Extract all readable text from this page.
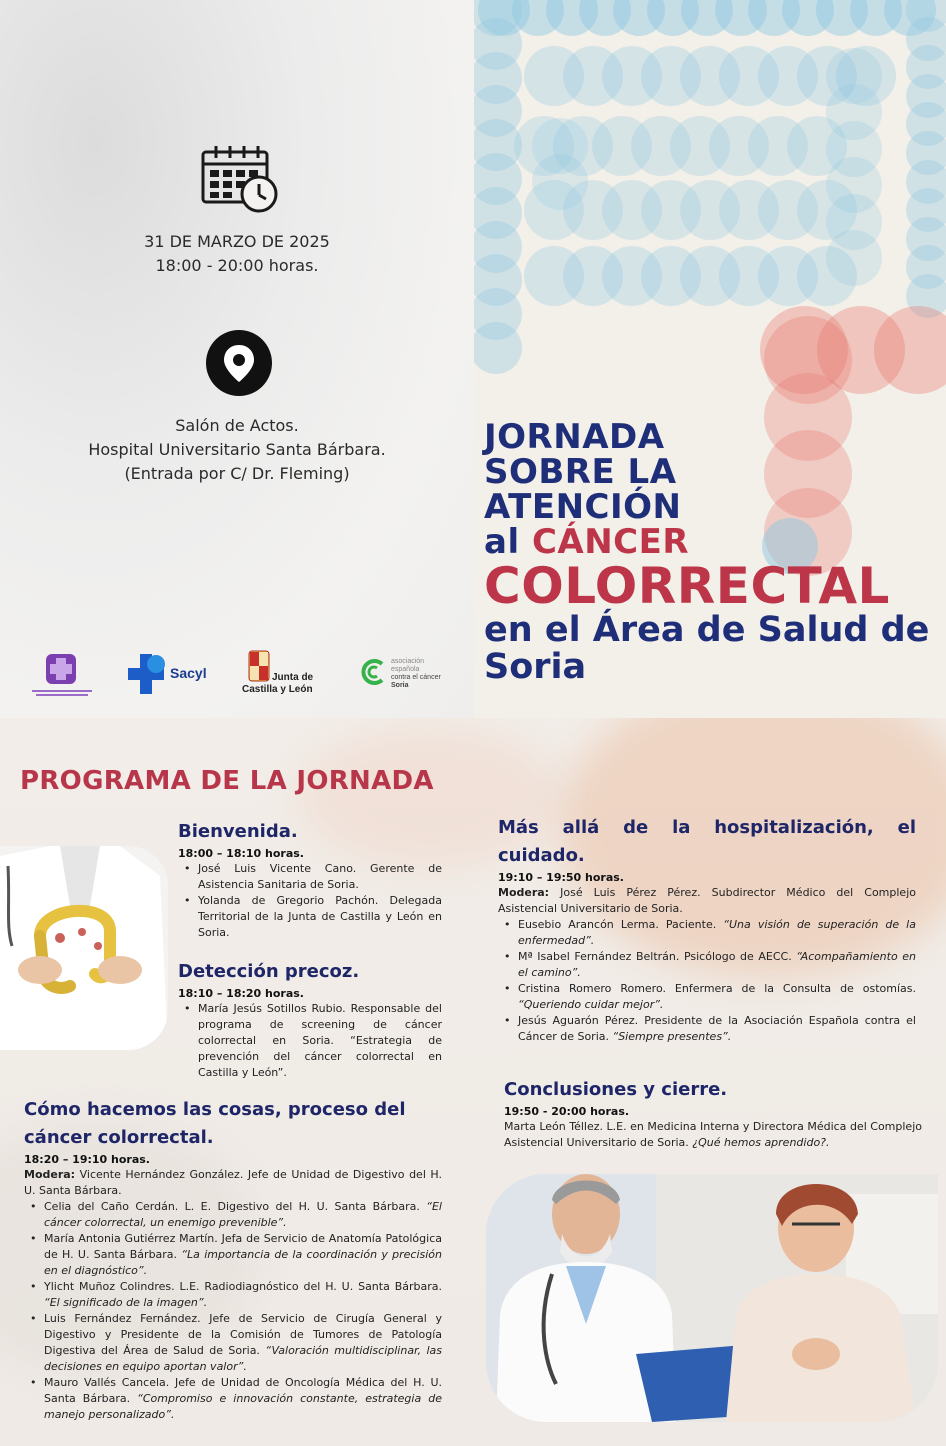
31 DE MARZO DE 2025
18:00 - 20:00 horas.
Salón de Actos.
Hospital Universitario Santa Bárbara.
(Entrada por C/ Dr. Fleming)
Sacyl	Junta de
Castilla y León
asociación
española
contra el cáncer
Soria
JORNADA
SOBRE LA
ATENCIÓN
al CÁNCER
COLORRECTAL
en el Área de Salud de
Soria
PROGRAMA DE LA JORNADA
Bienvenida.
18:00 – 18:10 horas.
• José Luis Vicente Cano. Gerente de Asistencia Sanitaria de Soria.
• Yolanda de Gregorio Pachón. Delegada Territorial de la Junta de Castilla y León en Soria.
Detección precoz.
18:10 – 18:20 horas.
• María Jesús Sotillos Rubio. Responsable del programa de screening de cáncer colorrectal en Soria. “Estrategia de prevención del cáncer colorrectal en Castilla y León”.
Cómo hacemos las cosas, proceso del cáncer colorrectal.
18:20 – 19:10 horas.

Modera: Vicente Hernández González. Jefe de Unidad de Digestivo del H. U. Santa Bárbara.

• Celia del Caño Cerdán. L. E. Digestivo del H. U. Santa Bárbara. “El cáncer colorrectal, un enemigo prevenible”.
• María Antonia Gutiérrez Martín. Jefa de Servicio de Anatomía Patológica de H. U. Santa Bárbara. “La importancia de la coordinación y precisión en el diagnóstico”.
• Ylicht Muñoz Colindres. L.E. Radiodiagnóstico del H. U. Santa Bárbara. “El significado de la imagen”.
• Luis Fernández Fernández. Jefe de Servicio de Cirugía General y Digestivo y Presidente de la Comisión de Tumores de Patología Digestiva del Área de Salud de Soria. “Valoración multidisciplinar, las decisiones en equipo aportan valor”.
• Mauro Vallés Cancela. Jefe de Unidad de Oncología Médica del H. U. Santa Bárbara. “Compromiso e innovación constante, estrategia de manejo personalizado”.
Más allá de la hospitalización, el cuidado.
19:10 – 19:50 horas.

Modera: José Luis Pérez Pérez. Subdirector Médico del Complejo Asistencial Universitario de Soria.

• Eusebio Arancón Lerma. Paciente. “Una visión de superación de la enfermedad”.
• Mª Isabel Fernández Beltrán. Psicólogo de AECC. “Acompañamiento en el camino”.
• Cristina Romero Romero. Enfermera de la Consulta de ostomías. “Queriendo cuidar mejor”.
• Jesús Aguarón Pérez. Presidente de la Asociación Española contra el Cáncer de Soria. “Siempre presentes”.
Conclusiones y cierre.
19:50 - 20:00 horas.

Marta León Téllez. L.E. en Medicina Interna y Directora Médica del Complejo Asistencial Universitario de Soria. ¿Qué hemos aprendido?.
